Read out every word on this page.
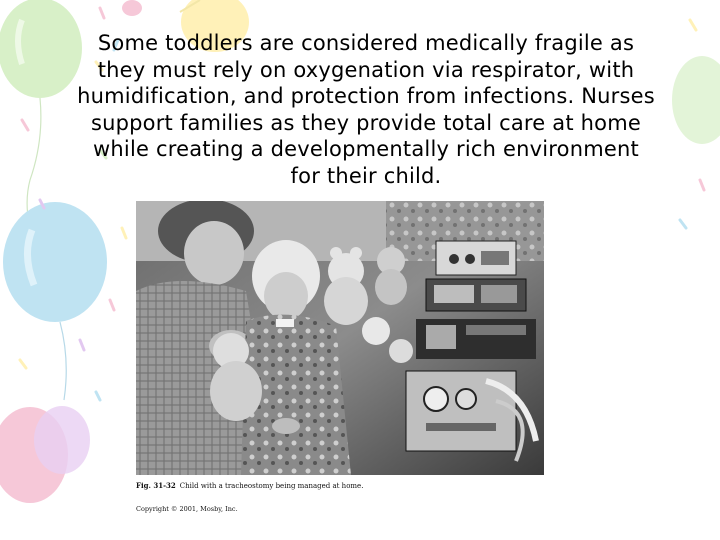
Some toddlers are considered medically fragile as
they must rely on oxygenation via respirator, with
humidification, and protection from infections. Nurses
support families as they provide total care at home
while creating a developmentally rich environment
for their child.
Fig. 31-32 Child with a tracheostomy being managed at home.
Copyright © 2001, Mosby, Inc.
